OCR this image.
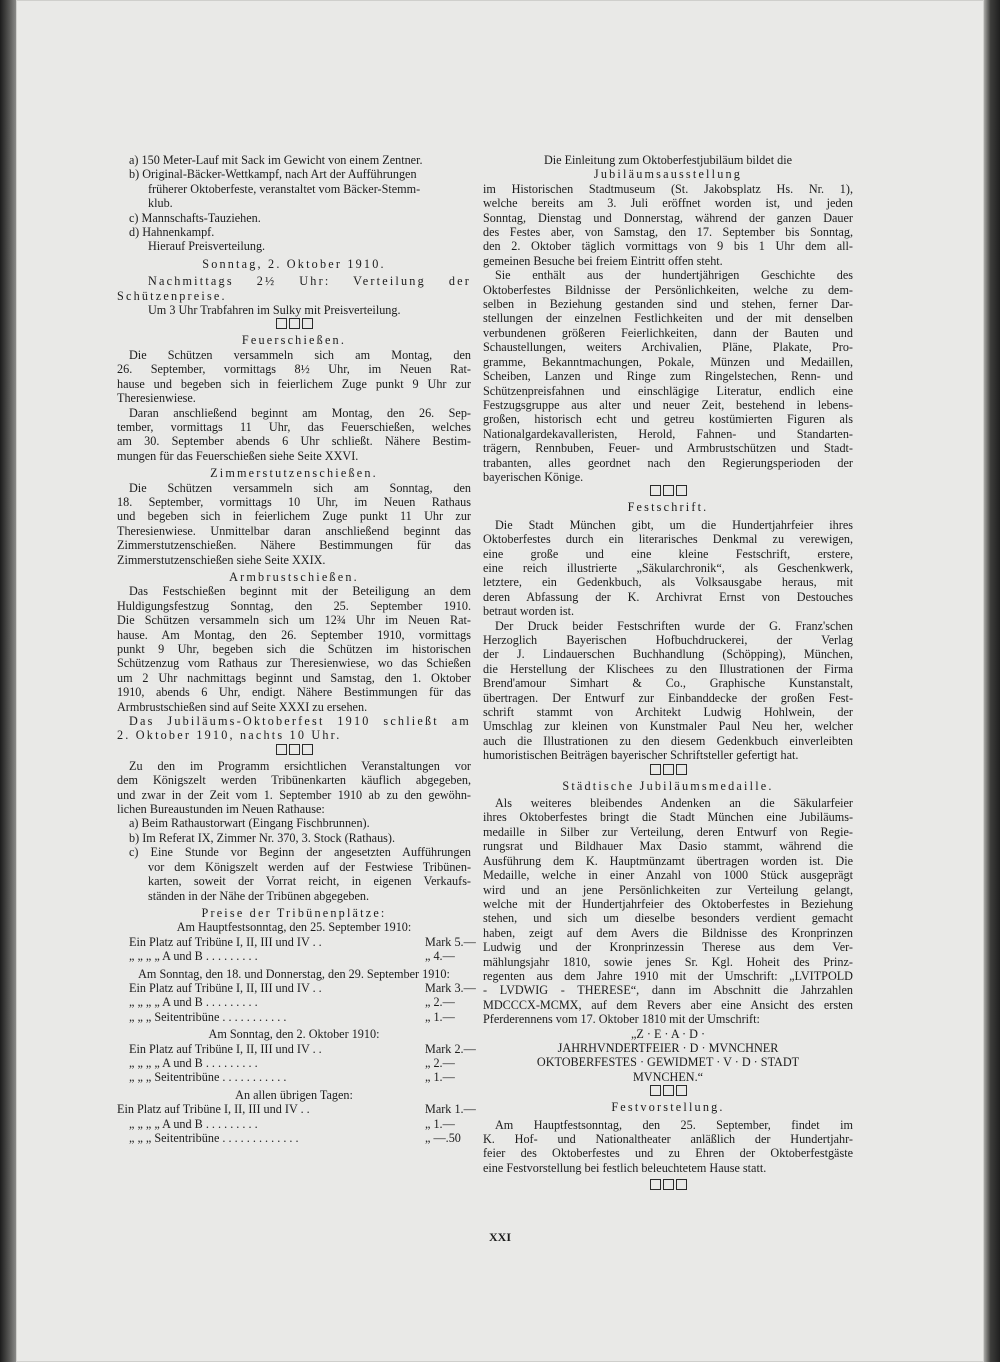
a) 150 Meter-Lauf mit Sack im Gewicht von einem Zentner.
b) Original-Bäcker-Wettkampf, nach Art der Aufführungen
früherer Oktoberfeste, veranstaltet vom Bäcker-Stemm-
klub.
c) Mannschafts-Tauziehen.
d) Hahnenkampf.
Hierauf Preisverteilung.
Sonntag, 2. Oktober 1910.
Nachmittags 2½ Uhr: Verteilung der
Schützenpreise.
Um 3 Uhr Trabfahren im Sulky mit Preisverteilung.
Feuerschießen.
Die Schützen versammeln sich am Montag, den
26. September, vormittags 8½ Uhr, im Neuen Rat-
hause und begeben sich in feierlichem Zuge punkt 9 Uhr zur
Theresienwiese.
Daran anschließend beginnt am Montag, den 26. Sep-
tember, vormittags 11 Uhr, das Feuerschießen, welches
am 30. September abends 6 Uhr schließt. Nähere Bestim-
mungen für das Feuerschießen siehe Seite XXVI.
Zimmerstutzenschießen.
Die Schützen versammeln sich am Sonntag, den
18. September, vormittags 10 Uhr, im Neuen Rathaus
und begeben sich in feierlichem Zuge punkt 11 Uhr zur
Theresienwiese. Unmittelbar daran anschließend beginnt das
Zimmerstutzenschießen. Nähere Bestimmungen für das
Zimmerstutzenschießen siehe Seite XXIX.
Armbrustschießen.
Das Festschießen beginnt mit der Beteiligung an dem
Huldigungsfestzug Sonntag, den 25. September 1910.
Die Schützen versammeln sich um 12¾ Uhr im Neuen Rat-
hause. Am Montag, den 26. September 1910, vormittags
punkt 9 Uhr, begeben sich die Schützen im historischen
Schützenzug vom Rathaus zur Theresienwiese, wo das Schießen
um 2 Uhr nachmittags beginnt und Samstag, den 1. Oktober
1910, abends 6 Uhr, endigt. Nähere Bestimmungen für das
Armbrustschießen sind auf Seite XXXI zu ersehen.
Das Jubiläums-Oktoberfest 1910 schließt am
2. Oktober 1910, nachts 10 Uhr.
Zu den im Programm ersichtlichen Veranstaltungen vor
dem Königszelt werden Tribünenkarten käuflich abgegeben,
und zwar in der Zeit vom 1. September 1910 ab zu den gewöhn-
lichen Bureaustunden im Neuen Rathause:
a) Beim Rathaustorwart (Eingang Fischbrunnen).
b) Im Referat IX, Zimmer Nr. 370, 3. Stock (Rathaus).
c) Eine Stunde vor Beginn der angesetzten Aufführungen
vor dem Königszelt werden auf der Festwiese Tribünen-
karten, soweit der Vorrat reicht, in eigenen Verkaufs-
ständen in der Nähe der Tribünen abgegeben.
Preise der Tribünenplätze:
Am Hauptfestsonntag, den 25. September 1910:
Ein Platz auf Tribüne I, II, III und IV . .	Mark 5.—
„ „ „ „ A und B . . . . . . . . .	„ 4.—
Am Sonntag, den 18. und Donnerstag, den 29. September 1910:
Ein Platz auf Tribüne I, II, III und IV . .	Mark 3.—
„ „ „ „ A und B . . . . . . . . .	„ 2.—
„ „ „ Seitentribüne . . . . . . . . . . .	„ 1.—
Am Sonntag, den 2. Oktober 1910:
Ein Platz auf Tribüne I, II, III und IV . .	Mark 2.—
„ „ „ „ A und B . . . . . . . . .	„ 2.—
„ „ „ Seitentribüne . . . . . . . . . . .	„ 1.—
An allen übrigen Tagen:
Ein Platz auf Tribüne I, II, III und IV . .	Mark 1.—
„ „ „ „ A und B . . . . . . . . .	„ 1.—
„ „ „ Seitentribüne . . . . . . . . . . . . .	„ —.50
Die Einleitung zum Oktoberfestjubiläum bildet die
Jubiläumsausstellung
im Historischen Stadtmuseum (St. Jakobsplatz Hs. Nr. 1),
welche bereits am 3. Juli eröffnet worden ist, und jeden
Sonntag, Dienstag und Donnerstag, während der ganzen Dauer
des Festes aber, von Samstag, den 17. September bis Sonntag,
den 2. Oktober täglich vormittags von 9 bis 1 Uhr dem all-
gemeinen Besuche bei freiem Eintritt offen steht.
Sie enthält aus der hundertjährigen Geschichte des
Oktoberfestes Bildnisse der Persönlichkeiten, welche zu dem-
selben in Beziehung gestanden sind und stehen, ferner Dar-
stellungen der einzelnen Festlichkeiten und der mit denselben
verbundenen größeren Feierlichkeiten, dann der Bauten und
Schaustellungen, weiters Archivalien, Pläne, Plakate, Pro-
gramme, Bekanntmachungen, Pokale, Münzen und Medaillen,
Scheiben, Lanzen und Ringe zum Ringelstechen, Renn- und
Schützenpreisfahnen und einschlägige Literatur, endlich eine
Festzugsgruppe aus alter und neuer Zeit, bestehend in lebens-
großen, historisch echt und getreu kostümierten Figuren als
Nationalgardekavalleristen, Herold, Fahnen- und Standarten-
trägern, Rennbuben, Feuer- und Armbrustschützen und Stadt-
trabanten, alles geordnet nach den Regierungsperioden der
bayerischen Könige.
Festschrift.
Die Stadt München gibt, um die Hundertjahrfeier ihres
Oktoberfestes durch ein literarisches Denkmal zu verewigen,
eine große und eine kleine Festschrift, erstere,
eine reich illustrierte „Säkularchronik“, als Geschenkwerk,
letztere, ein Gedenkbuch, als Volksausgabe heraus, mit
deren Abfassung der K. Archivrat Ernst von Destouches
betraut worden ist.
Der Druck beider Festschriften wurde der G. Franz'schen
Herzoglich Bayerischen Hofbuchdruckerei, der Verlag
der J. Lindauerschen Buchhandlung (Schöpping), München,
die Herstellung der Klischees zu den Illustrationen der Firma
Brend'amour Simhart & Co., Graphische Kunstanstalt,
übertragen. Der Entwurf zur Einbanddecke der großen Fest-
schrift stammt von Architekt Ludwig Hohlwein, der
Umschlag zur kleinen von Kunstmaler Paul Neu her, welcher
auch die Illustrationen zu den diesem Gedenkbuch einverleibten
humoristischen Beiträgen bayerischer Schriftsteller gefertigt hat.
Städtische Jubiläumsmedaille.
Als weiteres bleibendes Andenken an die Säkularfeier
ihres Oktoberfestes bringt die Stadt München eine Jubiläums-
medaille in Silber zur Verteilung, deren Entwurf von Regie-
rungsrat und Bildhauer Max Dasio stammt, während die
Ausführung dem K. Hauptmünzamt übertragen worden ist. Die
Medaille, welche in einer Anzahl von 1000 Stück ausgeprägt
wird und an jene Persönlichkeiten zur Verteilung gelangt,
welche mit der Hundertjahrfeier des Oktoberfestes in Beziehung
stehen, und sich um dieselbe besonders verdient gemacht
haben, zeigt auf dem Avers die Bildnisse des Kronprinzen
Ludwig und der Kronprinzessin Therese aus dem Ver-
mählungsjahr 1810, sowie jenes Sr. Kgl. Hoheit des Prinz-
regenten aus dem Jahre 1910 mit der Umschrift: „LVITPOLD
- LVDWIG - THERESE“, dann im Abschnitt die Jahrzahlen
MDCCCX-MCMX, auf dem Revers aber eine Ansicht des ersten
Pferderennens vom 17. Oktober 1810 mit der Umschrift:
„Z · E · A · D ·
JAHRHVNDERTFEIER · D · MVNCHNER
OKTOBERFESTES · GEWIDMET · V · D · STADT
MVNCHEN.“
Festvorstellung.
Am Hauptfestsonntag, den 25. September, findet im
K. Hof- und Nationaltheater anläßlich der Hundertjahr-
feier des Oktoberfestes und zu Ehren der Oktoberfestgäste
eine Festvorstellung bei festlich beleuchtetem Hause statt.
XXI
